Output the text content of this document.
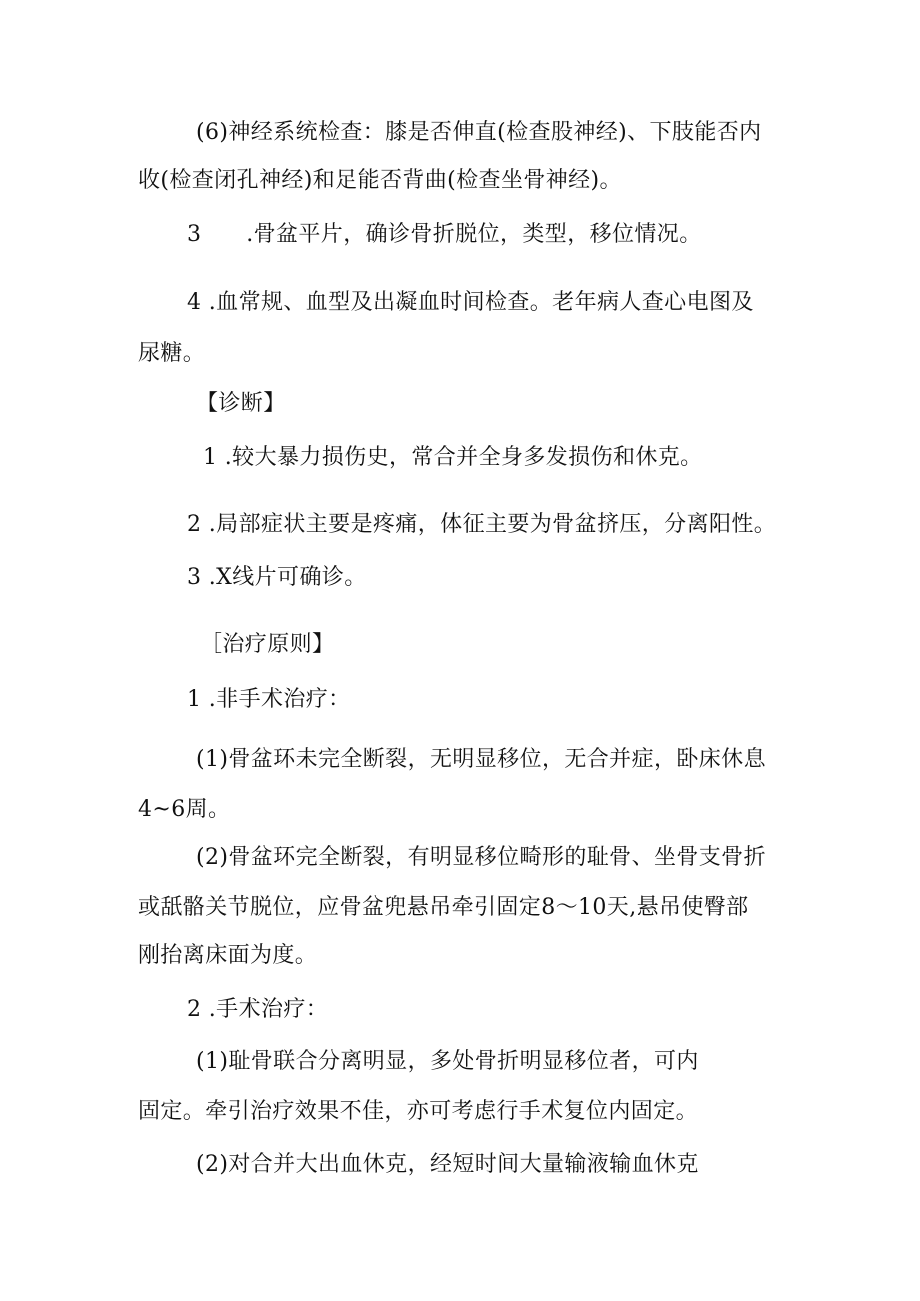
(6)神经系统检查：膝是否伸直(检查股神经)、下肢能否内
收(检查闭孔神经)和足能否背曲(检查坐骨神经)。
3　　.骨盆平片，确诊骨折脱位，类型，移位情况。
4 .血常规、血型及出凝血时间检查。老年病人查心电图及
尿糖。
【诊断】
1 .较大暴力损伤史，常合并全身多发损伤和休克。
2 .局部症状主要是疼痛，体征主要为骨盆挤压，分离阳性。
3 .X线片可确诊。
［治疗原则】
1 .非手术治疗：
(1)骨盆环未完全断裂，无明显移位，无合并症，卧床休息
4~6周。
(2)骨盆环完全断裂，有明显移位畸形的耻骨、坐骨支骨折
或舐骼关节脱位，应骨盆兜悬吊牵引固定8～10天,悬吊使臀部
刚抬离床面为度。
2 .手术治疗：
(1)耻骨联合分离明显，多处骨折明显移位者，可内
固定。牵引治疗效果不佳，亦可考虑行手术复位内固定。
(2)对合并大出血休克，经短时间大量输液输血休克
